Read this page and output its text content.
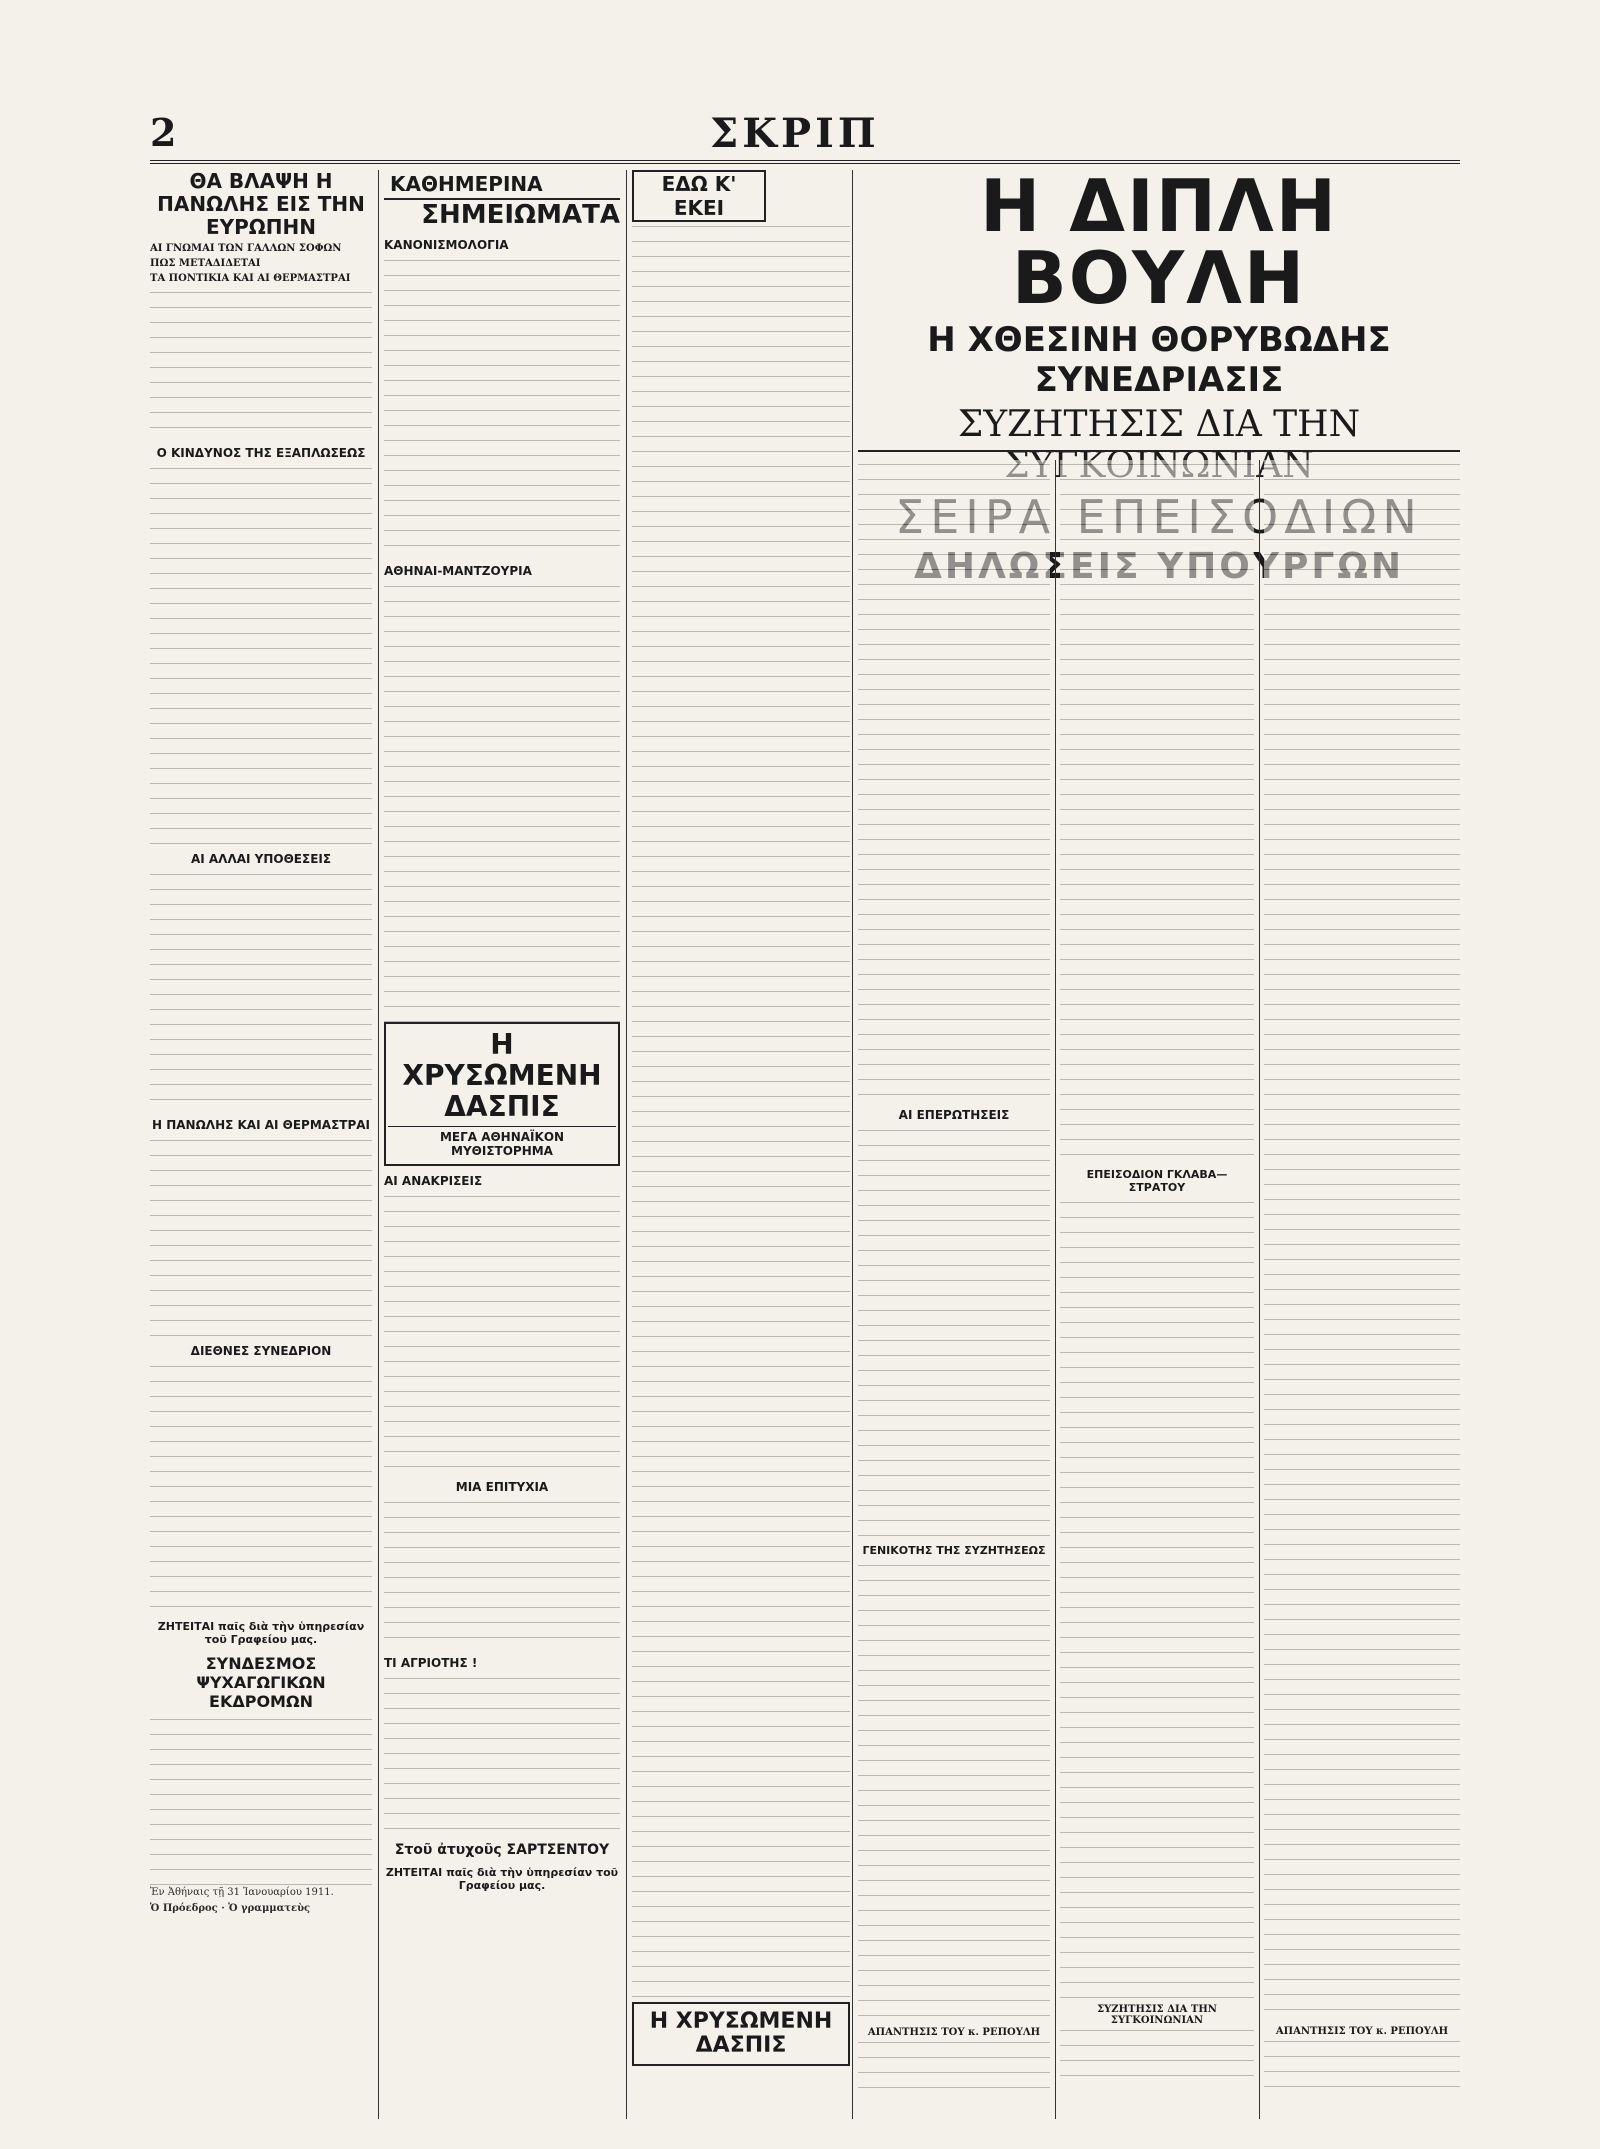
2	ΣΚΡΙΠ
ΘΑ ΒΛΑΨΗ Η ΠΑΝΩΛΗΣ ΕΙΣ ΤΗΝ ΕΥΡΩΠΗΝ
ΑΙ ΓΝΩΜΑΙ ΤΩΝ ΓΑΛΛΩΝ ΣΟΦΩΝ
ΠΩΣ ΜΕΤΑΔΙΔΕΤΑΙ
ΤΑ ΠΟΝΤΙΚΙΑ ΚΑΙ ΑΙ ΘΕΡΜΑΣΤΡΑΙ
Ο ΚΙΝΔΥΝΟΣ ΤΗΣ ΕΞΑΠΛΩΣΕΩΣ
ΑΙ ΑΛΛΑΙ ΥΠΟΘΕΣΕΙΣ
Η ΠΑΝΩΛΗΣ ΚΑΙ ΑΙ ΘΕΡΜΑΣΤΡΑΙ
ΔΙΕΘΝΕΣ ΣΥΝΕΔΡΙΟΝ
ΖΗΤΕΙΤΑΙ παῖς διὰ τὴν ὑπηρεσίαν τοῦ Γραφείου μας.
ΣΥΝΔΕΣΜΟΣ ΨΥΧΑΓΩΓΙΚΩΝ ΕΚΔΡΟΜΩΝ
Ἐν Ἀθήναις τῇ 31 Ἰανουαρίου 1911.
Ὁ Πρόεδρος · Ὁ γραμματεὺς
ΚΑΘΗΜΕΡΙΝΑ
ΣΗΜΕΙΩΜΑΤΑ
ΚΑΝΟΝΙΣΜΟΛΟΓΙΑ
ΑΘΗΝΑΙ-ΜΑΝΤΖΟΥΡΙΑ
Η ΧΡΥΣΩΜΕΝΗ ΔΑΣΠΙΣ
ΜΕΓΑ ΑΘΗΝΑΪΚΟΝ ΜΥΘΙΣΤΟΡΗΜΑ
ΑΙ ΑΝΑΚΡΙΣΕΙΣ
ΜΙΑ ΕΠΙΤΥΧΙΑ
ΤΙ ΑΓΡΙΟΤΗΣ !
Στοῦ ἀτυχοῦς ΣΑΡΤΣΕΝΤΟΥ
ΖΗΤΕΙΤΑΙ παῖς διὰ τὴν ὑπηρεσίαν τοῦ Γραφείου μας.
ΕΔΩ Κ' ΕΚΕΙ
Η ΧΡΥΣΩΜΕΝΗ ΔΑΣΠΙΣ
Η ΔΙΠΛΗ ΒΟΥΛΗ
Η ΧΘΕΣΙΝΗ ΘΟΡΥΒΩΔΗΣ ΣΥΝΕΔΡΙΑΣΙΣ
ΣΥΖΗΤΗΣΙΣ ΔΙΑ ΤΗΝ
ΑΙ ΕΠΕΡΩΤΗΣΕΙΣ
ΓΕΝΙΚΟΤΗΣ ΤΗΣ ΣΥΖΗΤΗΣΕΩΣ
ΑΠΑΝΤΗΣΙΣ ΤΟΥ κ. ΡΕΠΟΥΛΗ
ΕΠΕΙΣΟΔΙΟΝ ΓΚΛΑΒΑ—ΣΤΡΑΤΟΥ
ΣΥΖΗΤΗΣΙΣ ΔΙΑ ΤΗΝ ΣΥΓΚΟΙΝΩΝΙΑΝ
ΑΠΑΝΤΗΣΙΣ ΤΟΥ κ. ΡΕΠΟΥΛΗ
